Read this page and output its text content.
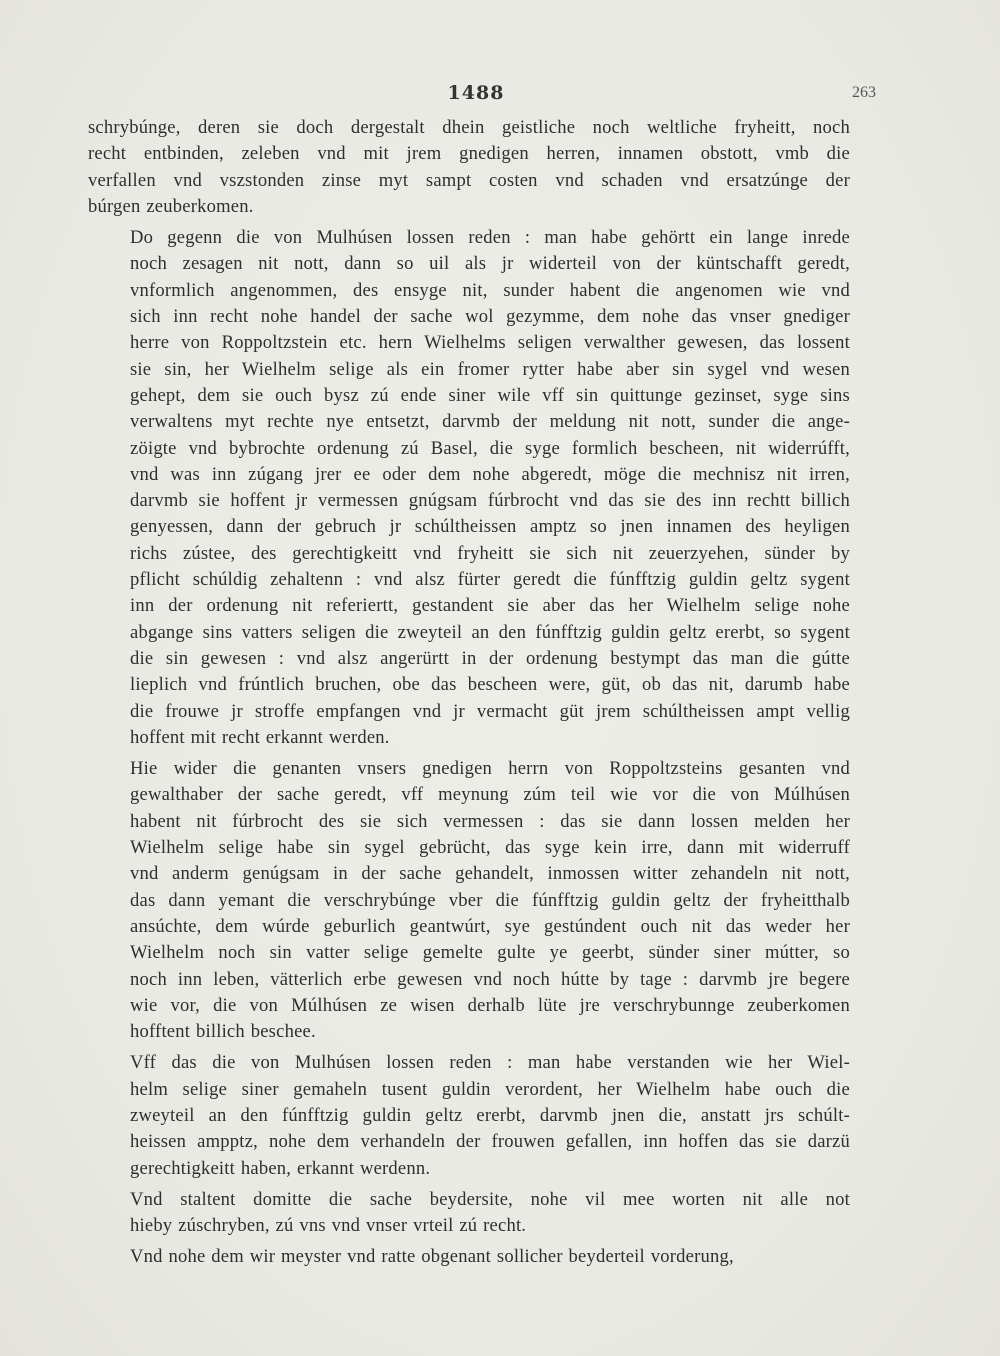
1488	263
schrybúnge, deren sie doch dergestalt dhein geistliche noch weltliche fryheitt, noch
recht entbinden, zeleben vnd mit jrem gnedigen herren, innamen obstott, vmb die
verfallen vnd vszstonden zinse myt sampt costen vnd schaden vnd ersatzúnge der
búrgen zeuberkomen.
Do gegenn die von Mulhúsen lossen reden : man habe gehörtt ein lange inrede
noch zesagen nit nott, dann so uil als jr widerteil von der küntschafft geredt,
vnformlich angenommen, des ensyge nit, sunder habent die angenomen wie vnd
sich inn recht nohe handel der sache wol gezymme, dem nohe das vnser gnediger
herre von Roppoltzstein etc. hern Wielhelms seligen verwalther gewesen, das lossent
sie sin, her Wielhelm selige als ein fromer rytter habe aber sin sygel vnd wesen
gehept, dem sie ouch bysz zú ende siner wile vff sin quittunge gezinset, syge sins
verwaltens myt rechte nye entsetzt, darvmb der meldung nit nott, sunder die ange-
zöigte vnd bybrochte ordenung zú Basel, die syge formlich bescheen, nit widerrúfft,
vnd was inn zúgang jrer ee oder dem nohe abgeredt, möge die mechnisz nit irren,
darvmb sie hoffent jr vermessen gnúgsam fúrbrocht vnd das sie des inn rechtt billich
genyessen, dann der gebruch jr schúltheissen amptz so jnen innamen des heyligen
richs zústee, des gerechtigkeitt vnd fryheitt sie sich nit zeuerzyehen, sünder by
pflicht schúldig zehaltenn : vnd alsz fürter geredt die fúnfftzig guldin geltz sygent
inn der ordenung nit referiertt, gestandent sie aber das her Wielhelm selige nohe
abgange sins vatters seligen die zweyteil an den fúnfftzig guldin geltz ererbt, so sygent
die sin gewesen : vnd alsz angerürtt in der ordenung bestympt das man die gútte
lieplich vnd frúntlich bruchen, obe das bescheen were, güt, ob das nit, darumb habe
die frouwe jr stroffe empfangen vnd jr vermacht güt jrem schúltheissen ampt vellig
hoffent mit recht erkannt werden.
Hie wider die genanten vnsers gnedigen herrn von Roppoltzsteins gesanten vnd
gewalthaber der sache geredt, vff meynung zúm teil wie vor die von Múlhúsen
habent nit fúrbrocht des sie sich vermessen : das sie dann lossen melden her
Wielhelm selige habe sin sygel gebrücht, das syge kein irre, dann mit widerruff
vnd anderm genúgsam in der sache gehandelt, inmossen witter zehandeln nit nott,
das dann yemant die verschrybúnge vber die fúnfftzig guldin geltz der fryheitthalb
ansúchte, dem wúrde geburlich geantwúrt, sye gestúndent ouch nit das weder her
Wielhelm noch sin vatter selige gemelte gulte ye geerbt, sünder siner mútter, so
noch inn leben, vätterlich erbe gewesen vnd noch hútte by tage : darvmb jre begere
wie vor, die von Múlhúsen ze wisen derhalb lüte jre verschrybunnge zeuberkomen
hofftent billich beschee.
Vff das die von Mulhúsen lossen reden : man habe verstanden wie her Wiel-
helm selige siner gemaheln tusent guldin verordent, her Wielhelm habe ouch die
zweyteil an den fúnfftzig guldin geltz ererbt, darvmb jnen die, anstatt jrs schúlt-
heissen ampptz, nohe dem verhandeln der frouwen gefallen, inn hoffen das sie darzü
gerechtigkeitt haben, erkannt werdenn.
Vnd staltent domitte die sache beydersite, nohe vil mee worten nit alle not
hieby zúschryben, zú vns vnd vnser vrteil zú recht.
Vnd nohe dem wir meyster vnd ratte obgenant sollicher beyderteil vorderung,
